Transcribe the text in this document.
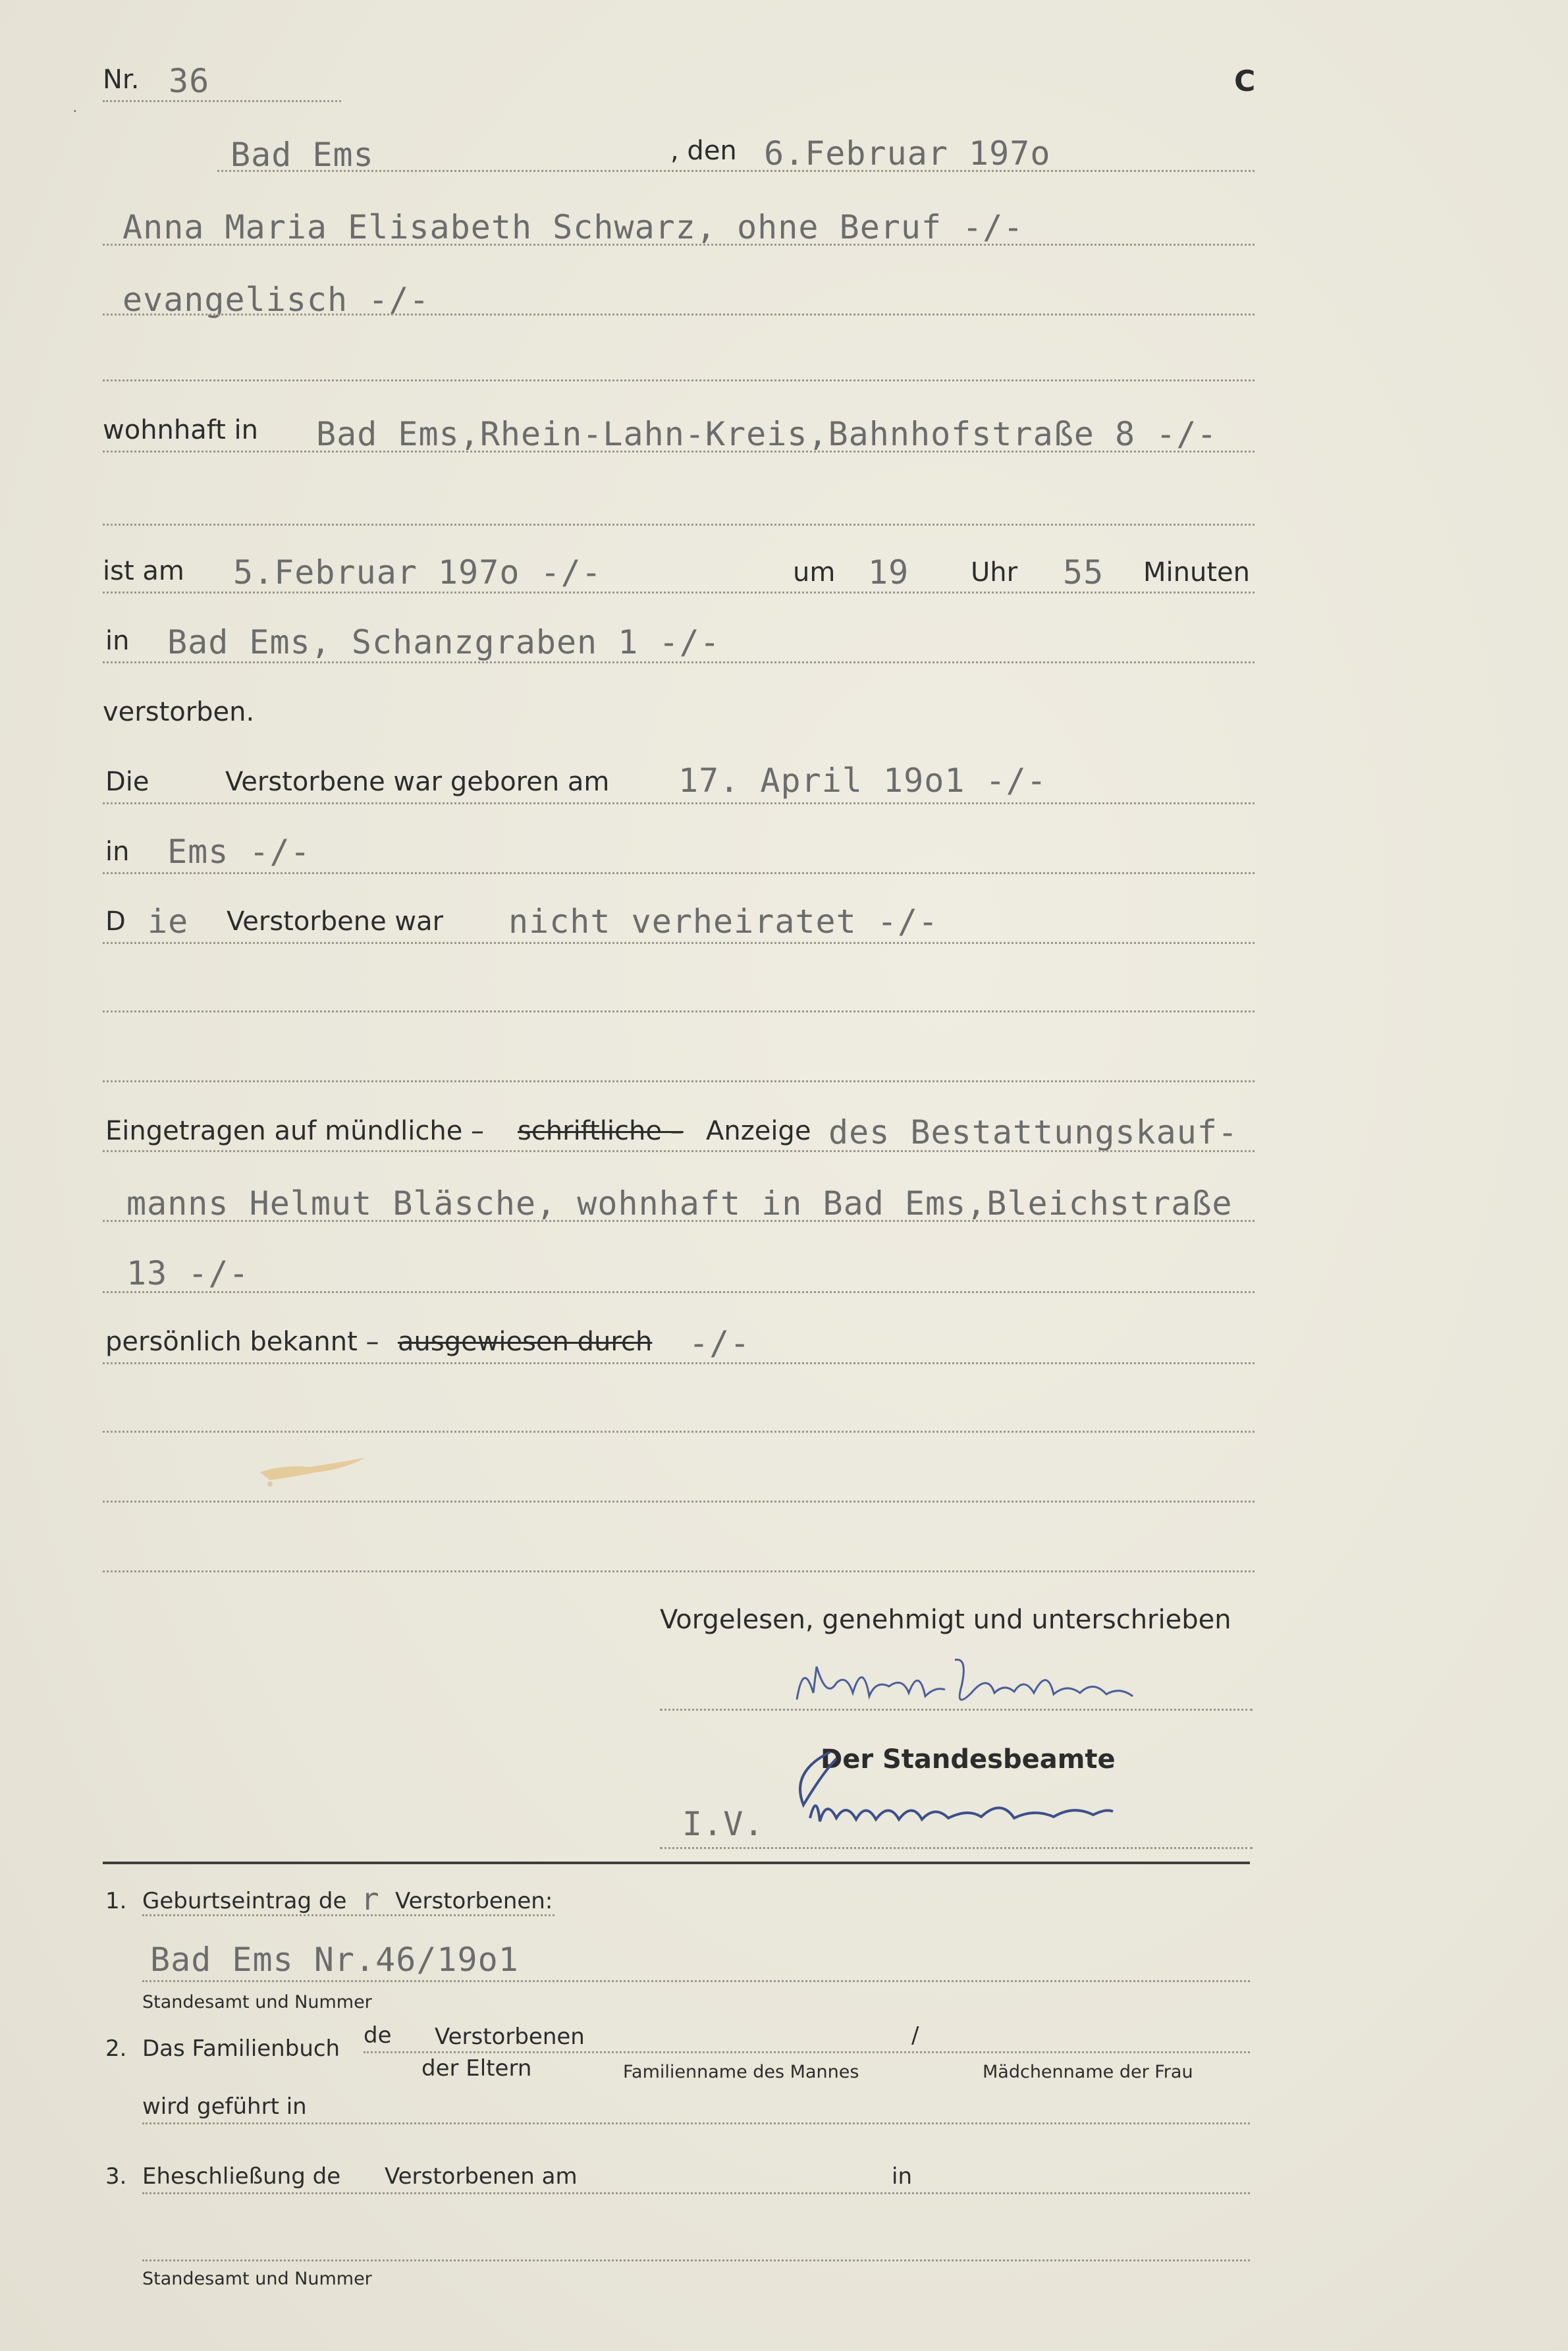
.
Nr. 36	C
Bad Ems	, den 6.Februar 197o
Anna Maria Elisabeth Schwarz, ohne Beruf -/-
evangelisch -/-
wohnhaft in Bad Ems,Rhein-Lahn-Kreis,Bahnhofstraße 8 -/-
ist am 5.Februar 197o -/-	um 19 Uhr 55 Minuten
in Bad Ems, Schanzgraben 1 -/-
verstorben.
Die	Verstorbene war geboren am 17. April 19o1 -/-
in Ems -/-
D ie Verstorbene war nicht verheiratet -/-
Eingetragen auf mündliche – schriftliche – Anzeige des Bestattungskauf-
manns Helmut Bläsche, wohnhaft in Bad Ems,Bleichstraße
13 -/-
persönlich bekannt – ausgewiesen durch -/-
Vorgelesen, genehmigt und unterschrieben
Der Standesbeamte
I.V.
1. Geburtseintrag de r Verstorbenen:
Bad Ems Nr.46/19o1
Standesamt und Nummer
2. Das Familienbuch de Verstorbenen	/
der Eltern	Familienname des Mannes	Mädchenname der Frau
wird geführt in
3. Eheschließung de Verstorbenen am	in
Standesamt und Nummer
